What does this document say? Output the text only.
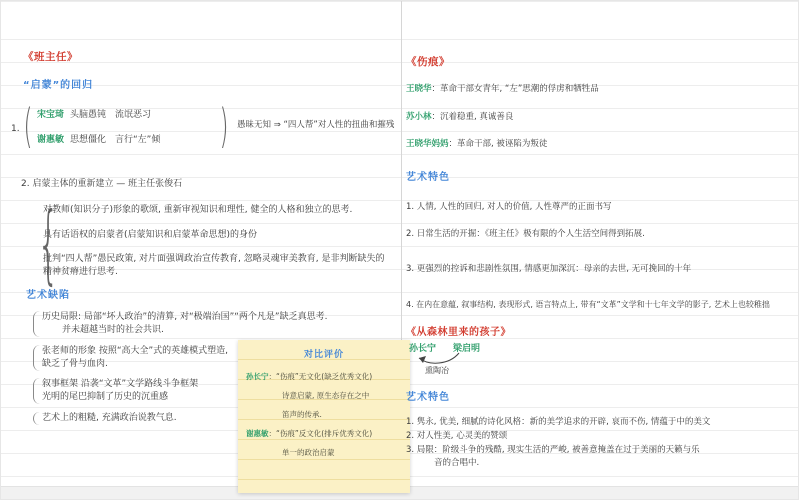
《班主任》
“启蒙”的回归
1. ( 宋宝琦 头脑愚钝　流氓恶习
谢惠敏 思想僵化　言行“左”倾 ) 愚昧无知 ⇒ “四人帮”对人性的扭曲和摧残
2. 启蒙主体的重新建立 — 班主任张俊石
{
对教师(知识分子)形象的歌颂, 重新审视知识和理性, 健全的人格和独立的思考.
具有话语权的启蒙者(启蒙知识和启蒙革命思想)的身份
批判“四人帮”愚民政策, 对片面强调政治宣传教育, 忽略灵魂审美教育, 是非判断缺失的精神贫瘠进行思考.
艺术缺陷
历史局限: 局部“坏人政治”的清算, 对“极端治国”“两个凡是”缺乏真思考.
并未超越当时的社会共识.
张老师的形象 按照“高大全”式的英雄模式塑造,
缺乏了骨与血肉.
叙事框架 沿袭“文革”文学路线斗争框架
光明的尾巴抑制了历史的沉重感
艺术上的粗糙, 充满政治说教气息.
对比评价
孙长宁：“伤痕”无文化(缺乏优秀文化)
诗意启蒙, 原生态存在之中
笛声的传承.
谢惠敏：“伤痕”反文化(排斥优秀文化)
单一的政治启蒙
《伤痕》
王晓华：革命干部女青年, “左”思潮的俘虏和牺牲品
苏小林：沉着稳重, 真诚善良
王晓华妈妈：革命干部, 被诬陷为叛徒
艺术特色
1. 人情, 人性的回归, 对人的价值, 人性尊严的正面书写
2. 日常生活的开掘：《班主任》极有限的个人生活空间得到拓展.
3. 更强烈的控诉和悲剧性氛围, 情感更加深沉：母亲的去世, 无可挽回的十年
4. 在内在意蕴, 叙事结构, 表现形式, 语言特点上, 带有“文革”文学和十七年文学的影子, 艺术上也较稚拙
《从森林里来的孩子》
孙长宁 梁启明
熏陶冶
艺术特色
1. 隽永, 优美, 细腻的诗化风格：新的美学追求的开辟, 哀而不伤, 情蕴于中的美文
2. 对人性美, 心灵美的赞颂
3. 局限：阶级斗争的残酷, 现实生活的严峻, 被善意掩盖在过于美丽的天籁与乐
音的合唱中.
